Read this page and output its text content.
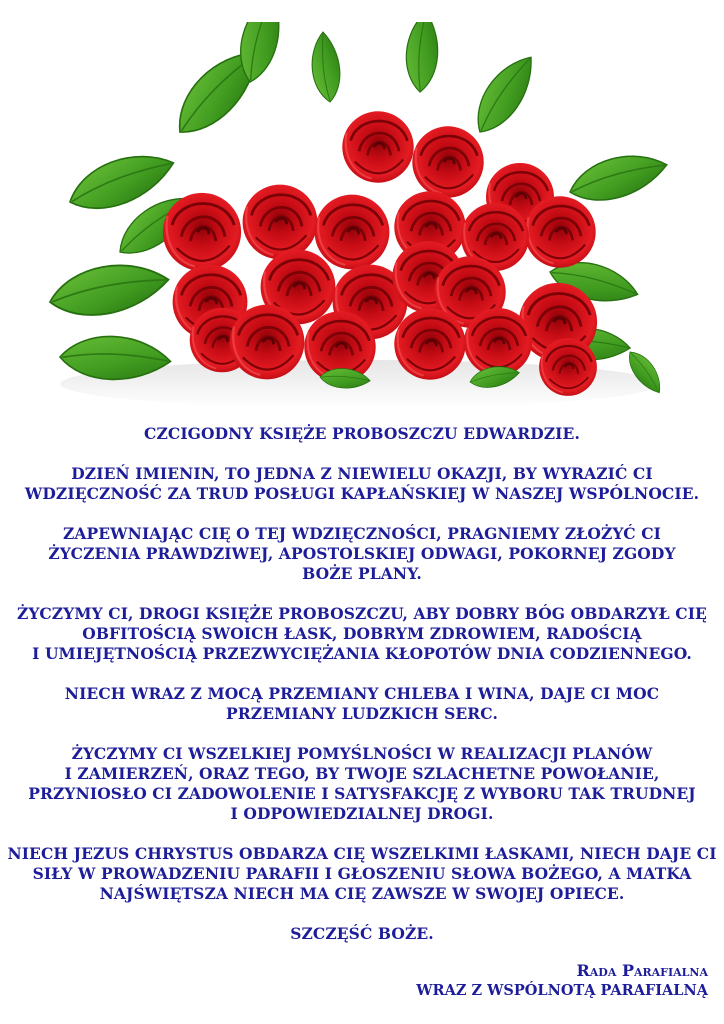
CZCIGODNY KSIĘŻE PROBOSZCZU EDWARDZIE.

DZIEŃ IMIENIN, TO JEDNA Z NIEWIELU OKAZJI, BY WYRAZIĆ CI
WDZIĘCZNOŚĆ ZA TRUD POSŁUGI KAPŁAŃSKIEJ W NASZEJ WSPÓLNOCIE.

ZAPEWNIAJĄC CIĘ O TEJ WDZIĘCZNOŚCI, PRAGNIEMY ZŁOŻYĆ CI
ŻYCZENIA PRAWDZIWEJ, APOSTOLSKIEJ ODWAGI, POKORNEJ ZGODY
BOŻE PLANY.

ŻYCZYMY CI, DROGI KSIĘŻE PROBOSZCZU, ABY DOBRY BÓG OBDARZYŁ CIĘ
OBFITOŚCIĄ SWOICH ŁASK, DOBRYM ZDROWIEM, RADOŚCIĄ
I UMIEJĘTNOŚCIĄ PRZEZWYCIĘŻANIA KŁOPOTÓW DNIA CODZIENNEGO.

NIECH WRAZ Z MOCĄ PRZEMIANY CHLEBA I WINA, DAJE CI MOC
PRZEMIANY LUDZKICH SERC.

ŻYCZYMY CI WSZELKIEJ POMYŚLNOŚCI W REALIZACJI PLANÓW
I ZAMIERZEŃ, ORAZ TEGO, BY TWOJE SZLACHETNE POWOŁANIE,
PRZYNIOSŁO CI ZADOWOLENIE I SATYSFAKCJĘ Z WYBORU TAK TRUDNEJ
I ODPOWIEDZIALNEJ DROGI.

NIECH JEZUS CHRYSTUS OBDARZA CIĘ WSZELKIMI ŁASKAMI, NIECH DAJE CI
SIŁY W PROWADZENIU PARAFII I GŁOSZENIU SŁOWA BOŻEGO, A MATKA
NAJŚWIĘTSZA NIECH MA CIĘ ZAWSZE W SWOJEJ OPIECE.

SZCZĘŚĆ BOŻE.

Rada Parafialna
WRAZ Z WSPÓLNOTĄ PARAFIALNĄ
